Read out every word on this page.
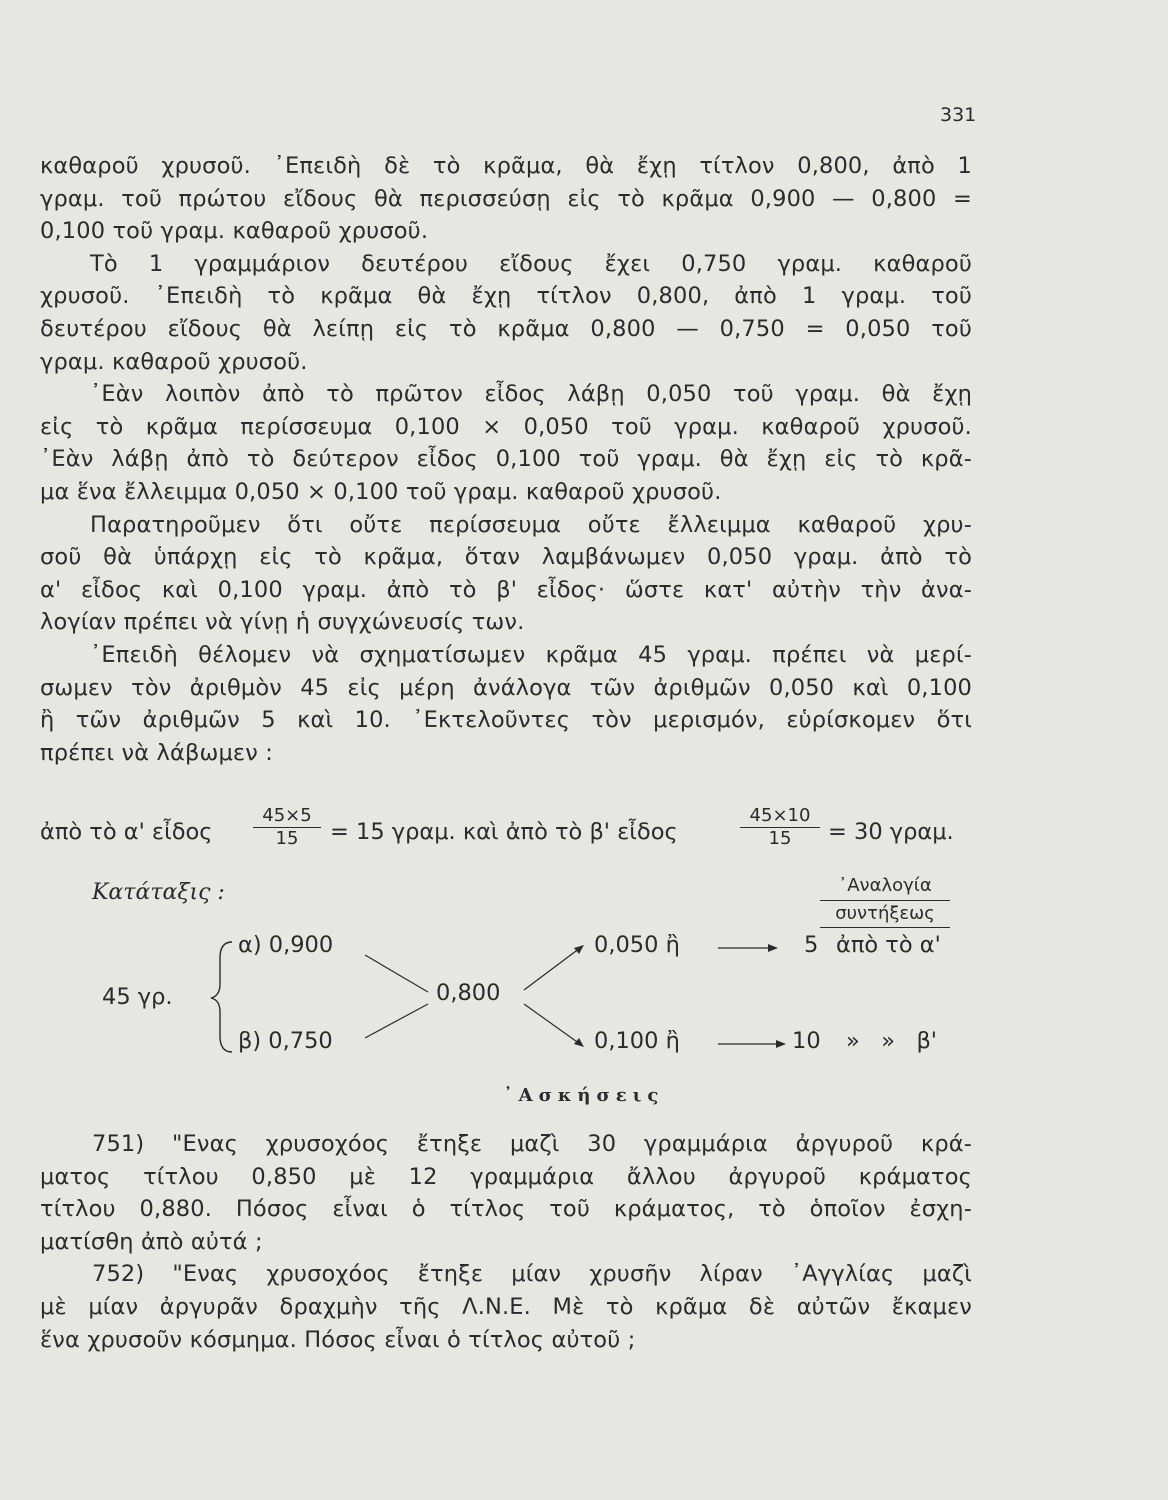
331

καθαροῦ χρυσοῦ. ᾿Επειδὴ δὲ τὸ κρᾶμα, θὰ ἔχῃ τίτλον 0,800, ἀπὸ 1
γραμ. τοῦ πρώτου εἴδους θὰ περισσεύσῃ εἰς τὸ κρᾶμα 0,900 — 0,800 =
0,100 τοῦ γραμ. καθαροῦ χρυσοῦ.

Τὸ 1 γραμμάριον δευτέρου εἴδους ἔχει 0,750 γραμ. καθαροῦ
χρυσοῦ. ᾿Επειδὴ τὸ κρᾶμα θὰ ἔχῃ τίτλον 0,800, ἀπὸ 1 γραμ. τοῦ
δευτέρου εἴδους θὰ λείπῃ εἰς τὸ κρᾶμα 0,800 — 0,750 = 0,050 τοῦ
γραμ. καθαροῦ χρυσοῦ.

᾿Εὰν λοιπὸν ἀπὸ τὸ πρῶτον εἶδος λάβῃ 0,050 τοῦ γραμ. θὰ ἔχῃ
εἰς τὸ κρᾶμα περίσσευμα 0,100 × 0,050 τοῦ γραμ. καθαροῦ χρυσοῦ.
᾿Εὰν λάβῃ ἀπὸ τὸ δεύτερον εἶδος 0,100 τοῦ γραμ. θὰ ἔχῃ εἰς τὸ κρᾶ-
μα ἕνα ἔλλειμμα 0,050 × 0,100 τοῦ γραμ. καθαροῦ χρυσοῦ.

Παρατηροῦμεν ὅτι οὔτε περίσσευμα οὔτε ἔλλειμμα καθαροῦ χρυ-
σοῦ θὰ ὑπάρχῃ εἰς τὸ κρᾶμα, ὅταν λαμβάνωμεν 0,050 γραμ. ἀπὸ τὸ
α' εἶδος καὶ 0,100 γραμ. ἀπὸ τὸ β' εἶδος· ὥστε κατ' αὐτὴν τὴν ἀνα-
λογίαν πρέπει νὰ γίνῃ ἡ συγχώνευσίς των.

᾿Επειδὴ θέλομεν νὰ σχηματίσωμεν κρᾶμα 45 γραμ. πρέπει νὰ μερί-
σωμεν τὸν ἀριθμὸν 45 εἰς μέρη ἀνάλογα τῶν ἀριθμῶν 0,050 καὶ 0,100
ἢ τῶν ἀριθμῶν 5 καὶ 10. ᾿Εκτελοῦντες τὸν μερισμόν, εὑρίσκομεν ὅτι
πρέπει νὰ λάβωμεν :

ἀπὸ τὸ α' εἶδος $\frac{45\times 5}{15} = 15$ γραμ. καὶ ἀπὸ τὸ β' εἶδος	$\frac{45\times 10}{15} = 30$ γραμ.
Κατάταξις :	᾿Αναλογία
συντήξεως
45 γρ.
α) 0,900
β) 0,750
0,800
0,050 ἢ
0,100 ἢ
5 ἀπὸ τὸ α'
10 »   »   β'
᾿Ασκήσεις

751) "Ενας χρυσοχόος ἔτηξε μαζὶ 30 γραμμάρια ἀργυροῦ κρά-
ματος τίτλου 0,850 μὲ 12 γραμμάρια ἄλλου ἀργυροῦ κράματος
τίτλου 0,880. Πόσος εἶναι ὁ τίτλος τοῦ κράματος, τὸ ὁποῖον ἐσχη-
ματίσθη ἀπὸ αὐτά ;

752) "Ενας χρυσοχόος ἔτηξε μίαν χρυσῆν λίραν ᾿Αγγλίας μαζὶ
μὲ μίαν ἀργυρᾶν δραχμὴν τῆς Λ.Ν.Ε. Μὲ τὸ κρᾶμα δὲ αὐτῶν ἔκαμεν
ἕνα χρυσοῦν κόσμημα. Πόσος εἶναι ὁ τίτλος αὐτοῦ ;
